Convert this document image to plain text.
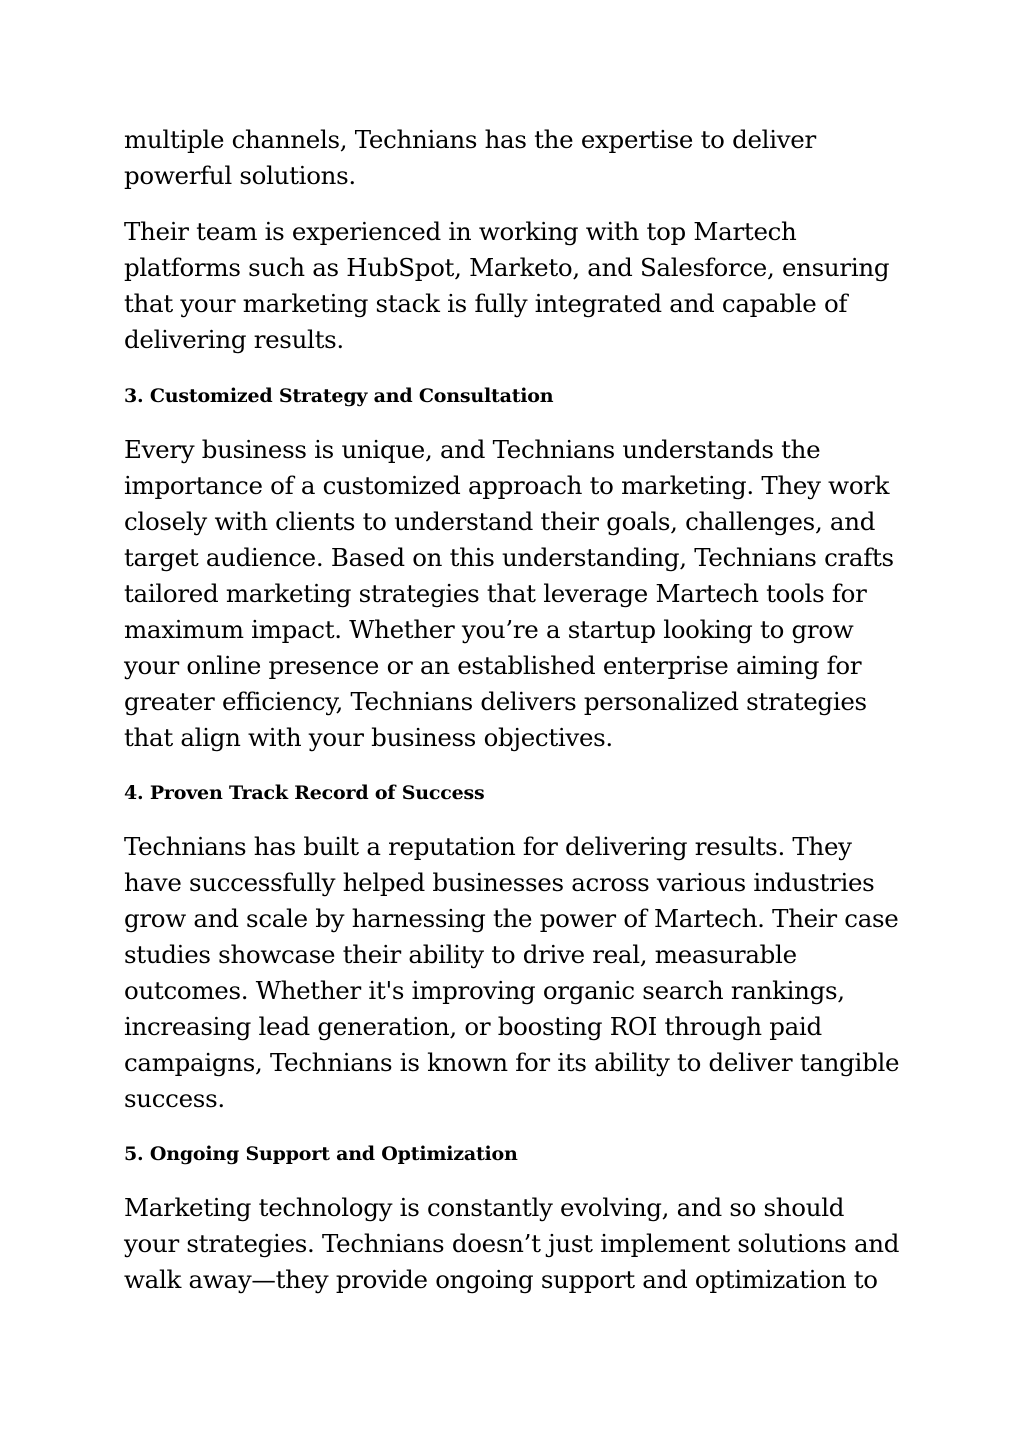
multiple channels, Technians has the expertise to deliver
powerful solutions.

Their team is experienced in working with top Martech
platforms such as HubSpot, Marketo, and Salesforce, ensuring
that your marketing stack is fully integrated and capable of
delivering results.

3. Customized Strategy and Consultation

Every business is unique, and Technians understands the
importance of a customized approach to marketing. They work
closely with clients to understand their goals, challenges, and
target audience. Based on this understanding, Technians crafts
tailored marketing strategies that leverage Martech tools for
maximum impact. Whether you’re a startup looking to grow
your online presence or an established enterprise aiming for
greater efficiency, Technians delivers personalized strategies
that align with your business objectives.

4. Proven Track Record of Success

Technians has built a reputation for delivering results. They
have successfully helped businesses across various industries
grow and scale by harnessing the power of Martech. Their case
studies showcase their ability to drive real, measurable
outcomes. Whether it's improving organic search rankings,
increasing lead generation, or boosting ROI through paid
campaigns, Technians is known for its ability to deliver tangible
success.

5. Ongoing Support and Optimization

Marketing technology is constantly evolving, and so should
your strategies. Technians doesn’t just implement solutions and
walk away—they provide ongoing support and optimization to
